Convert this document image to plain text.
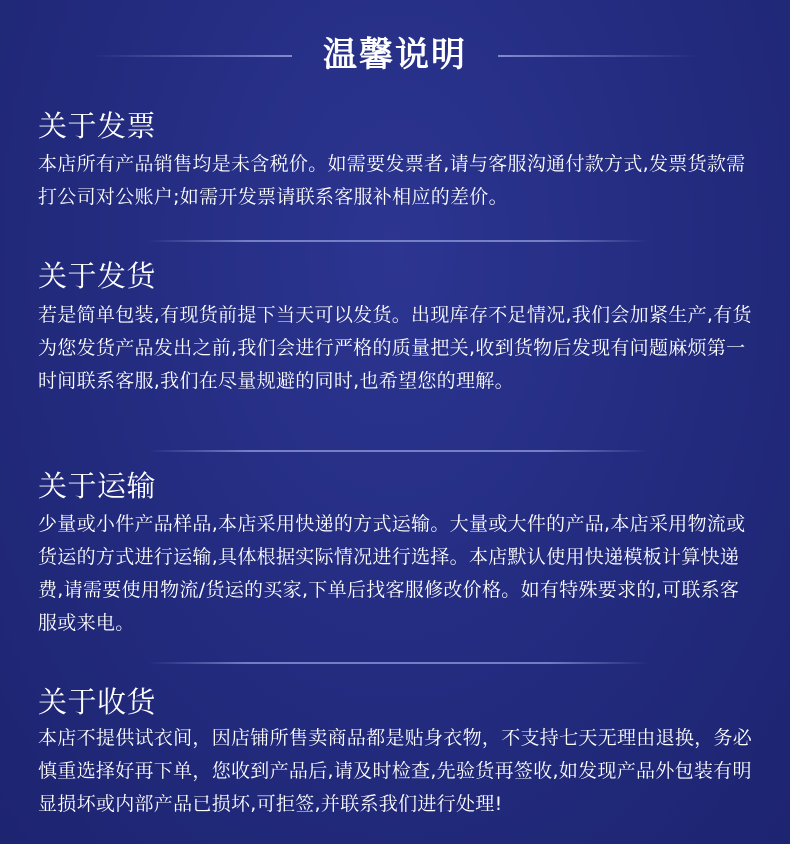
温馨说明
关于发票

本店所有产品销售均是未含税价。如需要发票者,请与客服沟通付款方式,发票货款需打公司对公账户;如需开发票请联系客服补相应的差价。

关于发货

若是简单包装,有现货前提下当天可以发货。出现库存不足情况,我们会加紧生产,有货为您发货产品发出之前,我们会进行严格的质量把关,收到货物后发现有问题麻烦第一时间联系客服,我们在尽量规避的同时,也希望您的理解。

关于运输

少量或小件产品样品,本店采用快递的方式运输。大量或大件的产品,本店采用物流或货运的方式进行运输,具体根据实际情况进行选择。本店默认使用快递模板计算快递费,请需要使用物流/货运的买家,下单后找客服修改价格。如有特殊要求的,可联系客服或来电。

关于收货

本店不提供试衣间，因店铺所售卖商品都是贴身衣物，不支持七天无理由退换，务必慎重选择好再下单，您收到产品后,请及时检查,先验货再签收,如发现产品外包装有明显损坏或内部产品已损坏,可拒签,并联系我们进行处理!
